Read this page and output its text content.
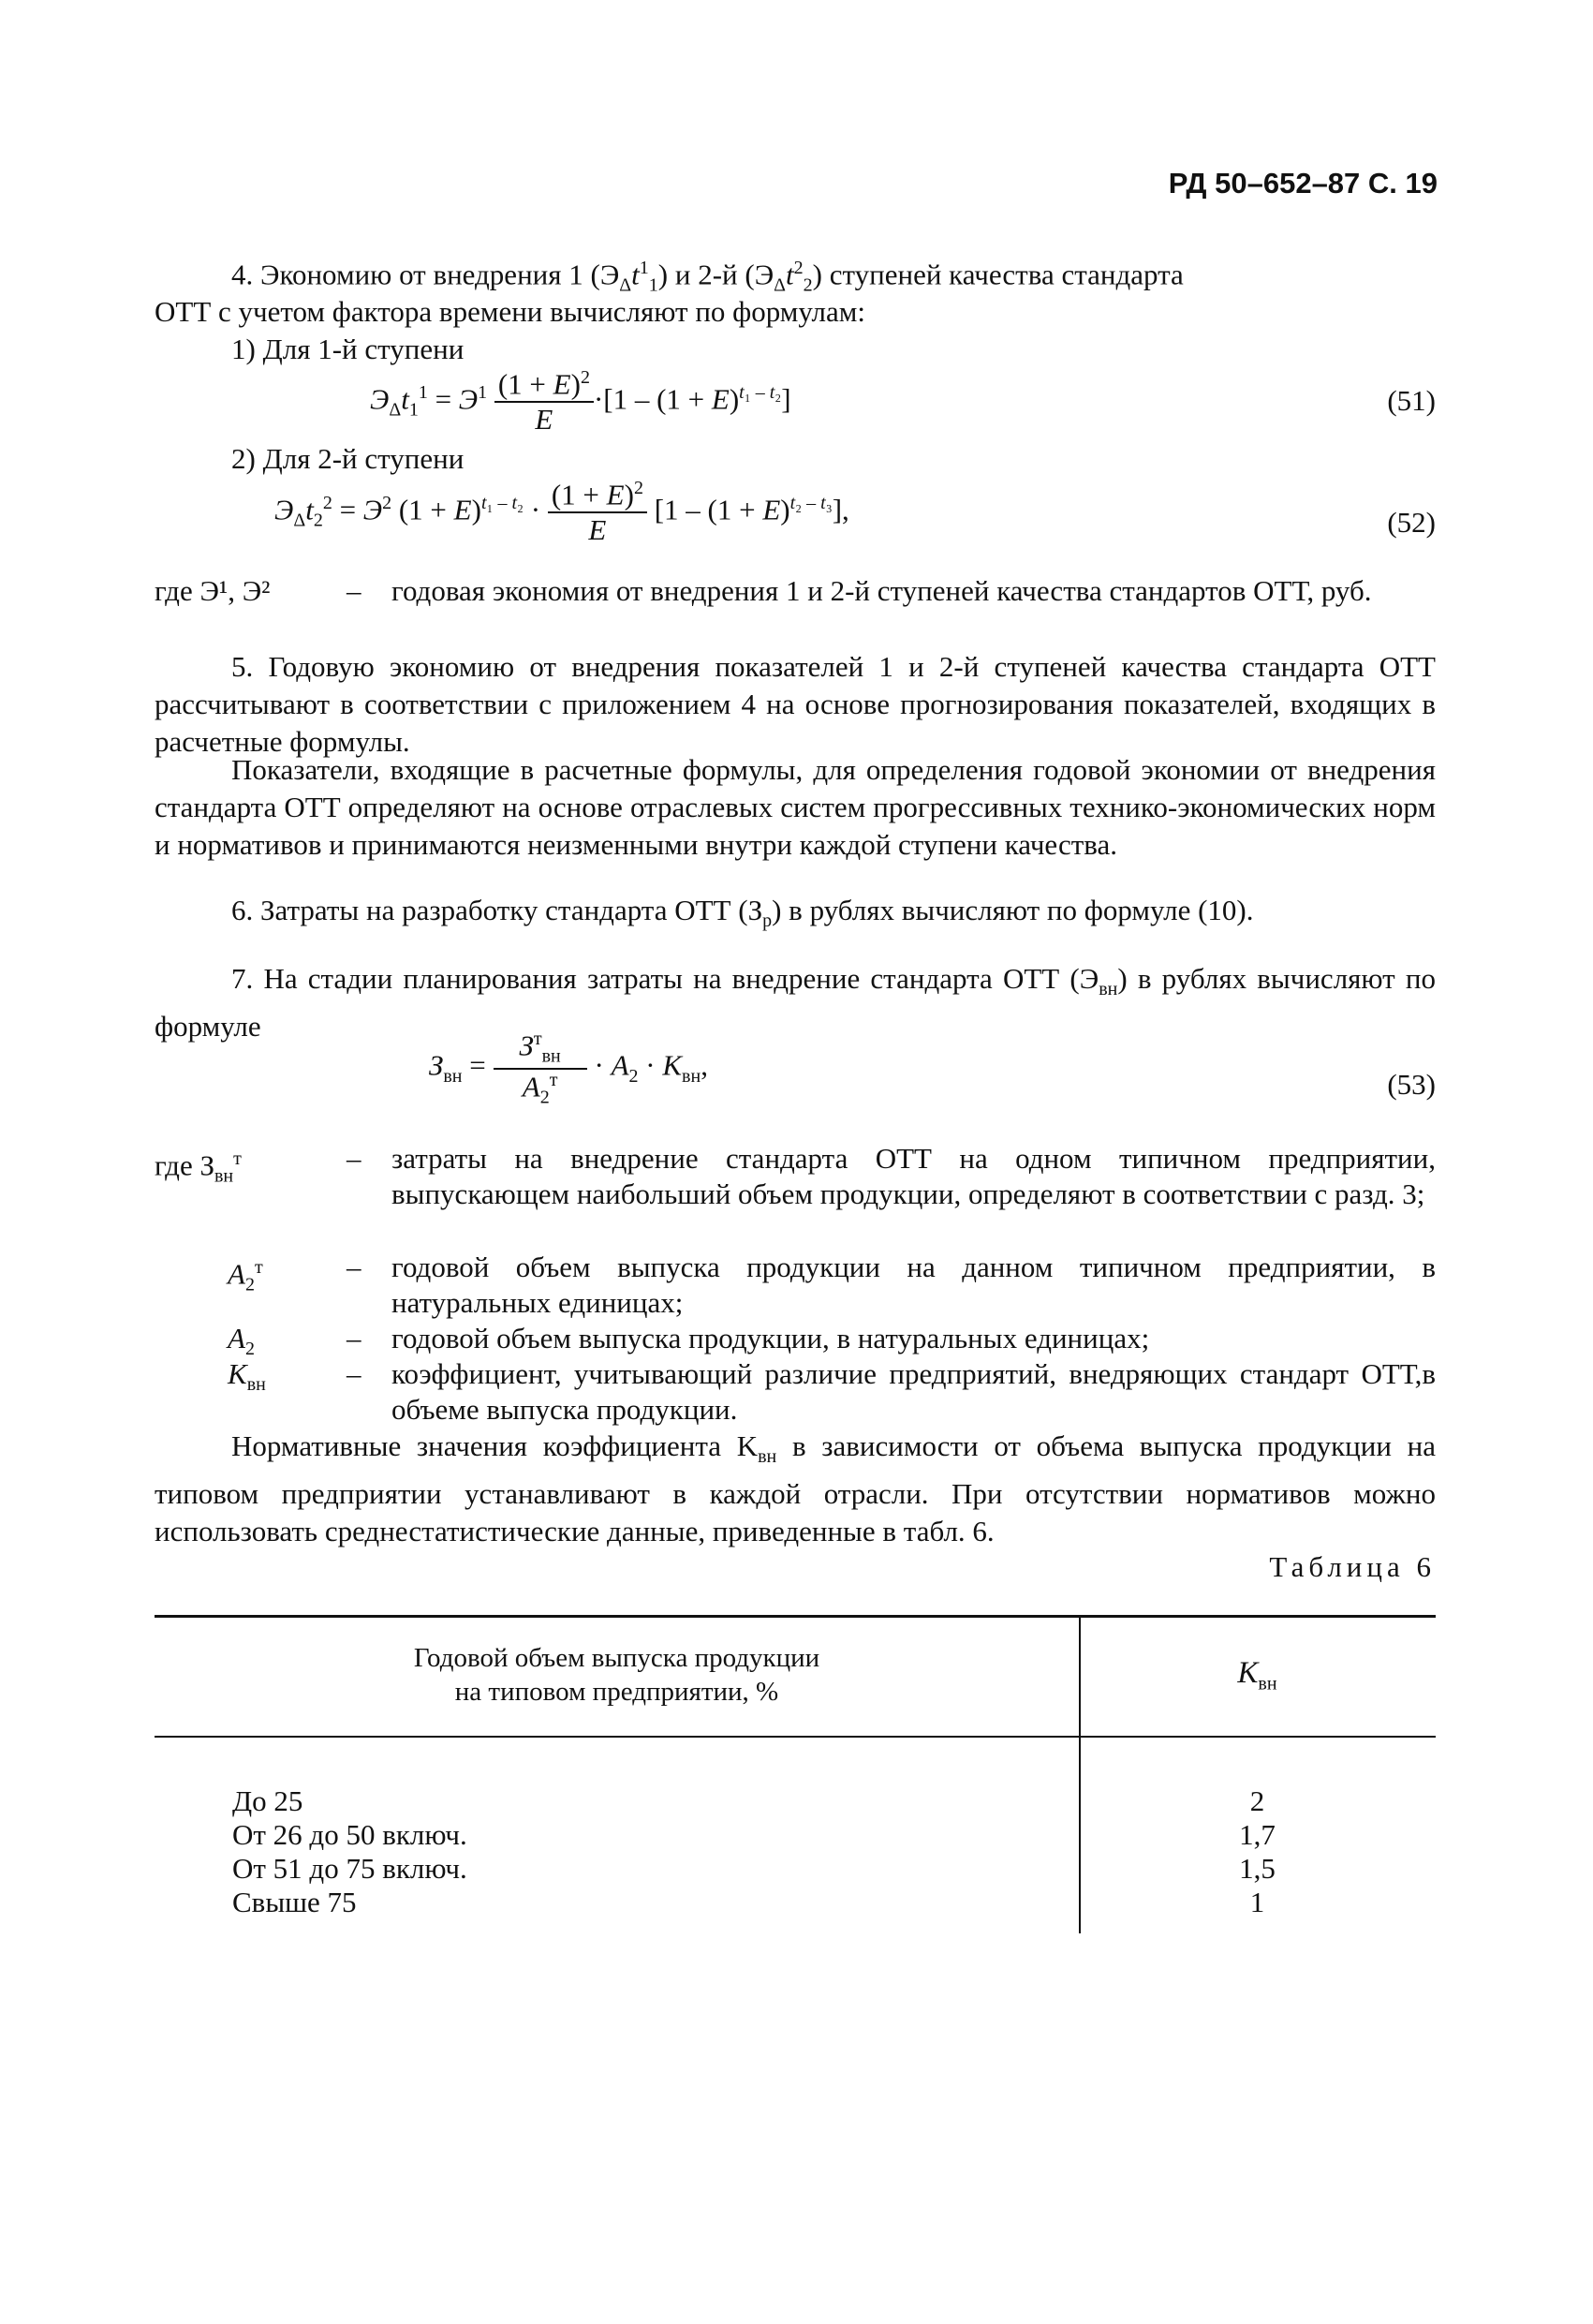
РД 50–652–87 С. 19
4. Экономию от внедрения 1 $(Э_\Delta t^1_1)$ и 2-й $(Э_\Delta t^2_2)$ ступеней качества стандарта
ОТТ с учетом фактора времени вычисляют по формулам:
1) Для 1-й ступени
$Э_\Delta t_1^1 = Э^1 \frac{(1 + E)^2}{E} \cdot[1 - (1 + E)^{t_1 - t_2}]$	(51)
2) Для 2-й ступени
$Э_\Delta t_2^2 = Э^2$ $(1 + E)^{t_1 - t_2} \cdot \frac{(1 + E)^2}{E} [1 - (1 + E)^{t_2 - t_3}]$,	(52)
где Э¹, Э²	– годовая экономия от внедрения 1 и 2-й ступеней качества стандартов ОТТ, руб.
5. Годовую экономию от внедрения показателей 1 и 2-й ступеней качества стандарта ОТТ рассчитывают в соответствии с приложением 4 на основе прогнозирования показателей, входящих в расчетные формулы.
Показатели, входящие в расчетные формулы, для определения годовой экономии от внедрения стандарта ОТТ определяют на основе отраслевых систем прогрессивных технико-экономических норм и нормативов и принимаются неизменными внутри каждой ступени качества.
6. Затраты на разработку стандарта ОТТ $(З_р)$ в рублях вычисляют по формуле (10).
7. На стадии планирования затраты на внедрение стандарта ОТТ $(Э_{вн})$ в рублях вычисляют по формуле
$З_{вн} = \frac{З^т_{вн}}{A_2^т} \cdot A_2 \cdot K_{вн}$,
(53)
где $З_{вн}^т$	– затраты на внедрение стандарта ОТТ на одном типичном предприятии, выпускающем наибольший объем продукции, определяют в соответствии с разд. 3;
$A_2^т$	– годовой объем выпуска продукции на данном типичном предприятии, в натуральных единицах;
$A_2$	– годовой объем выпуска продукции, в натуральных единицах;
$K_{вн}$	– коэффициент, учитывающий различие предприятий, внедряющих стандарт ОТТ,в объеме выпуска продукции.
Нормативные значения коэффициента $K_{вн}$ в зависимости от объема выпуска продукции на типовом предприятии устанавливают в каждой отрасли. При отсутствии нормативов можно использовать среднестатистические данные, приведенные в табл. 6.
Таблица 6
Годовой объем выпуска продукции
на типовом предприятии, %
$K_{вн}$
До 25	2
От 26 до 50 включ.	1,7
От 51 до 75 включ.	1,5
Свыше 75	1
